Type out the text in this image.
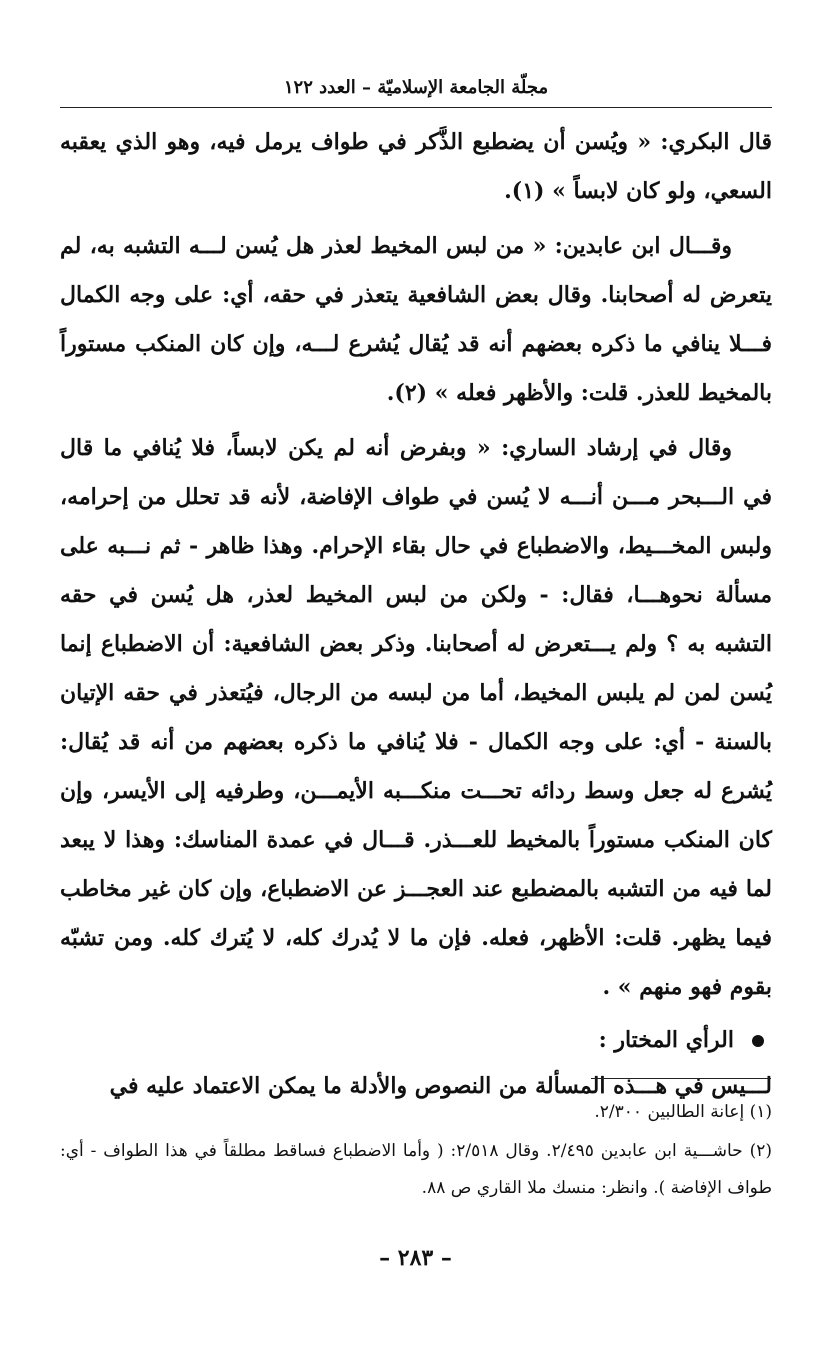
مجلّة الجامعة الإسلاميّة – العدد ١٢٢

قال البكري: « ويُسن أن يضطبع الذَّكر في طواف يرمل فيه، وهو الذي يعقبه السعي، ولو كان لابساً » (١).

وقـــال ابن عابدين: « من لبس المخيط لعذر هل يُسن لـــه التشبه به، لم يتعرض له أصحابنا. وقال بعض الشافعية يتعذر في حقه، أي: على وجه الكمال فـــلا ينافي ما ذكره بعضهم أنه قد يُقال يُشرع لـــه، وإن كان المنكب مستوراً بالمخيط للعذر. قلت: والأظهر فعله » (٢).

وقال في إرشاد الساري: « وبفرض أنه لم يكن لابساً، فلا يُنافي ما قال في الـــبحر مـــن أنـــه لا يُسن في طواف الإفاضة، لأنه قد تحلل من إحرامه، ولبس المخـــيط، والاضطباع في حال بقاء الإحرام. وهذا ظاهر - ثم نـــبه على مسألة نحوهـــا، فقال: - ولكن من لبس المخيط لعذر، هل يُسن في حقه التشبه به ؟ ولم يـــتعرض له أصحابنا. وذكر بعض الشافعية: أن الاضطباع إنما يُسن لمن لم يلبس المخيط، أما من لبسه من الرجال، فيُتعذر في حقه الإتيان بالسنة - أي: على وجه الكمال - فلا يُنافي ما ذكره بعضهم من أنه قد يُقال: يُشرع له جعل وسط ردائه تحـــت منكـــبه الأيمـــن، وطرفيه إلى الأيسر، وإن كان المنكب مستوراً بالمخيط للعـــذر. قـــال في عمدة المناسك: وهذا لا يبعد لما فيه من التشبه بالمضطبع عند العجـــز عن الاضطباع، وإن كان غير مخاطب فيما يظهر. قلت: الأظهر، فعله. فإن ما لا يُدرك كله، لا يُترك كله. ومن تشبّه بقوم فهو منهم » .

الرأي المختار :

لـــيس في هـــذه المسألة من النصوص والأدلة ما يمكن الاعتماد عليه في

(١) إعانة الطالبين ٢/٣٠٠.

(٢) حاشـــية ابن عابدين ٢/٤٩٥. وقال ٢/٥١٨: ( وأما الاضطباع فساقط مطلقاً في هذا الطواف - أي: طواف الإفاضة ). وانظر: منسك ملا القاري ص ٨٨.

– ٢٨٣ –
